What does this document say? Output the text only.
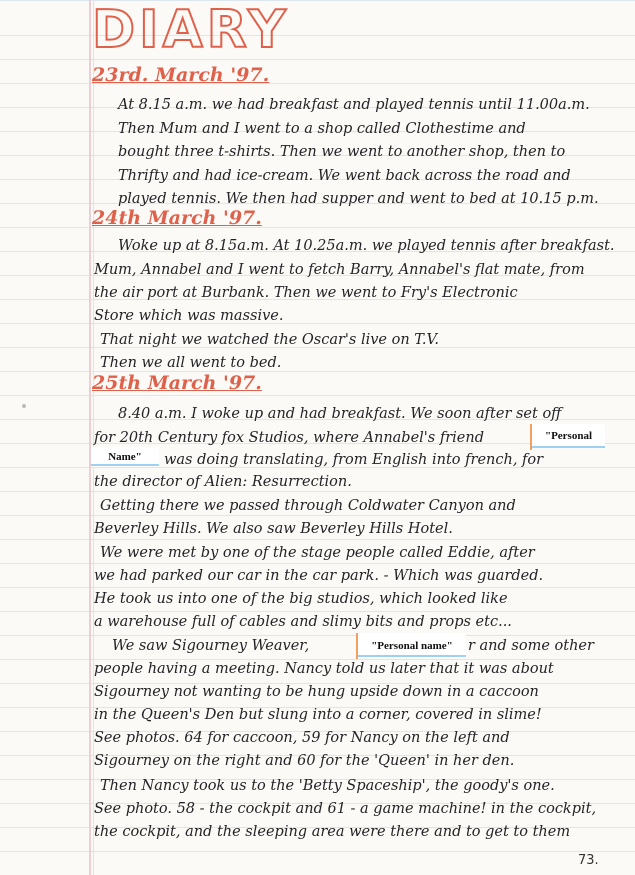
DIARY
23rd. March '97.
At 8.15 a.m. we had breakfast and played tennis until 11.00a.m.
Then Mum and I went to a shop called Clothestime and
bought three t-shirts. Then we went to another shop, then to
Thrifty and had ice-cream. We went back across the road and
played tennis. We then had supper and went to bed at 10.15 p.m.
24th March '97.
Woke up at 8.15a.m. At 10.25a.m. we played tennis after breakfast.
Mum, Annabel and I went to fetch Barry, Annabel's flat mate, from
the air port at Burbank. Then we went to Fry's Electronic
Store which was massive.
That night we watched the Oscar's live on T.V.
Then we all went to bed.
25th March '97.
8.40 a.m. I woke up and had breakfast. We soon after set off
for 20th Century fox Studios, where Annabel's friend
was doing translating, from English into french, for
the director of Alien: Resurrection.
Getting there we passed through Coldwater Canyon and
Beverley Hills. We also saw Beverley Hills Hotel.
We were met by one of the stage people called Eddie, after
we had parked our car in the car park. - Which was guarded.
He took us into one of the big studios, which looked like
a warehouse full of cables and slimy bits and props etc...
We saw Sigourney Weaver,	r and some other
people having a meeting. Nancy told us later that it was about
Sigourney not wanting to be hung upside down in a caccoon
in the Queen's Den but slung into a corner, covered in slime!
See photos. 64 for caccoon, 59 for Nancy on the left and
Sigourney on the right and 60 for the 'Queen' in her den.
Then Nancy took us to the 'Betty Spaceship', the goody's one.
See photo. 58 - the cockpit and 61 - a game machine! in the cockpit,
the cockpit, and the sleeping area were there and to get to them
"Personal
Name"
"Personal name"
73.
